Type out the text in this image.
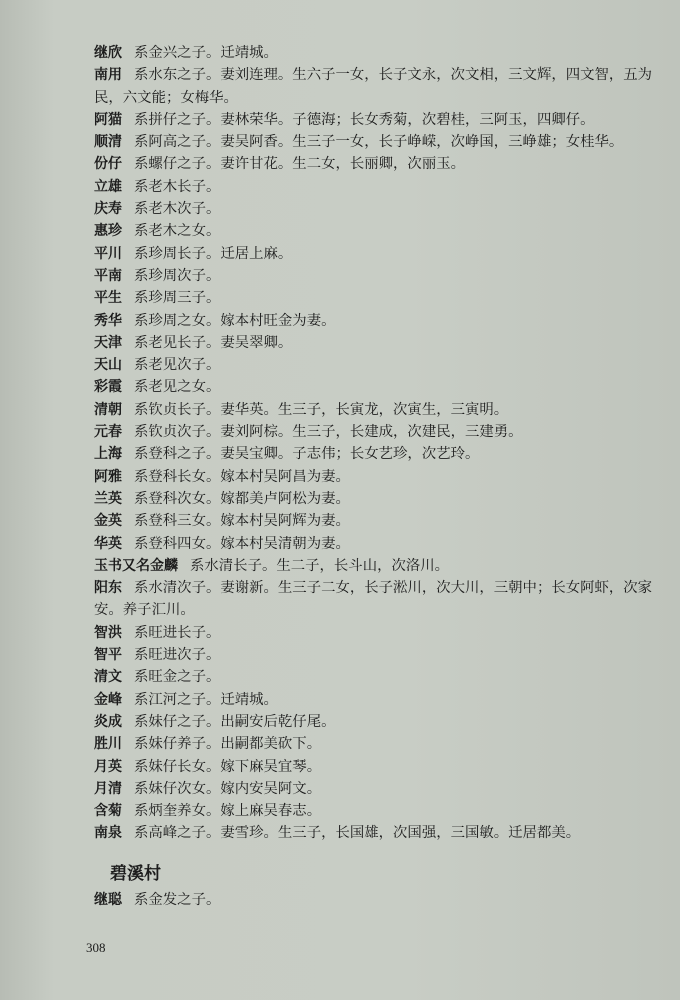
继欣 系金兴之子。迁靖城。

南用 系水东之子。妻刘连理。生六子一女，长子文永，次文相，三文辉，四文智，五为民，六文能；女梅华。

阿猫 系拼仔之子。妻林荣华。子德海；长女秀菊，次碧桂，三阿玉，四卿仔。

顺清 系阿高之子。妻吴阿香。生三子一女，长子峥嵘，次峥国，三峥雄；女桂华。

份仔 系螺仔之子。妻许甘花。生二女，长丽卿，次丽玉。

立雄 系老木长子。

庆寿 系老木次子。

惠珍 系老木之女。

平川 系珍周长子。迁居上麻。

平南 系珍周次子。

平生 系珍周三子。

秀华 系珍周之女。嫁本村旺金为妻。

天津 系老见长子。妻吴翠卿。

天山 系老见次子。

彩霞 系老见之女。

清朝 系钦贞长子。妻华英。生三子，长寅龙，次寅生，三寅明。

元春 系钦贞次子。妻刘阿棕。生三子，长建成，次建民，三建勇。

上海 系登科之子。妻吴宝卿。子志伟；长女艺珍，次艺玲。

阿雅 系登科长女。嫁本村吴阿昌为妻。

兰英 系登科次女。嫁都美卢阿松为妻。

金英 系登科三女。嫁本村吴阿辉为妻。

华英 系登科四女。嫁本村吴清朝为妻。

玉书又名金麟 系水清长子。生二子，长斗山，次洛川。

阳东 系水清次子。妻谢新。生三子二女，长子淞川，次大川，三朝中；长女阿虾，次家安。养子汇川。

智洪 系旺进长子。

智平 系旺进次子。

清文 系旺金之子。

金峰 系江河之子。迁靖城。

炎成 系妹仔之子。出嗣安后乾仔尾。

胜川 系妹仔养子。出嗣都美砍下。

月英 系妹仔长女。嫁下麻吴宜琴。

月清 系妹仔次女。嫁内安吴阿文。

含菊 系炳奎养女。嫁上麻吴春志。

南泉 系高峰之子。妻雪珍。生三子，长国雄，次国强，三国敏。迁居都美。

碧溪村

继聪 系金发之子。

308
